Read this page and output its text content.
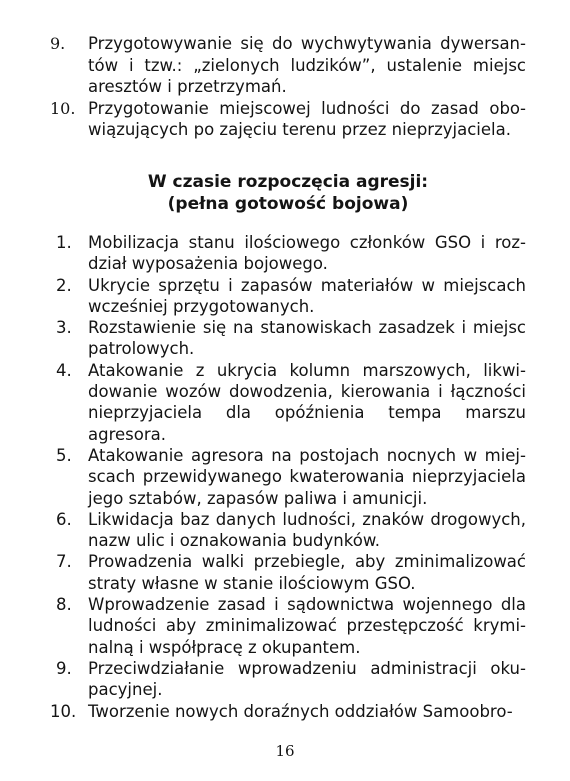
9.	Przygotowywanie się do wychwytywania dywersantów i tzw.: „zielonych ludzików”, ustalenie miejsc aresztów i przetrzymań.
10. Przygotowanie miejscowej ludności do zasad obowiązujących po zajęciu terenu przez nieprzyjaciela.
W czasie rozpoczęcia agresji:
(pełna gotowość bojowa)
1. Mobilizacja stanu ilościowego członków GSO i rozdział wyposażenia bojowego.
2. Ukrycie sprzętu i zapasów materiałów w miejscach wcześniej przygotowanych.
3. Rozstawienie się na stanowiskach zasadzek i miejsc patrolowych.
4. Atakowanie z ukrycia kolumn marszowych, likwidowanie wozów dowodzenia, kierowania i łączności nieprzyjaciela dla opóźnienia tempa marszu agresora.
5. Atakowanie agresora na postojach nocnych w miejscach przewidywanego kwaterowania nieprzyjaciela jego sztabów, zapasów paliwa i amunicji.
6. Likwidacja baz danych ludności, znaków drogowych, nazw ulic i oznakowania budynków.
7. Prowadzenia walki przebiegle, aby zminimalizować straty własne w stanie ilościowym GSO.
8. Wprowadzenie zasad i sądownictwa wojennego dla ludności aby zminimalizować przestępczość kryminalną i współpracę z okupantem.
9. Przeciwdziałanie wprowadzeniu administracji okupacyjnej.
10. Tworzenie nowych doraźnych oddziałów Samoobro-
16
